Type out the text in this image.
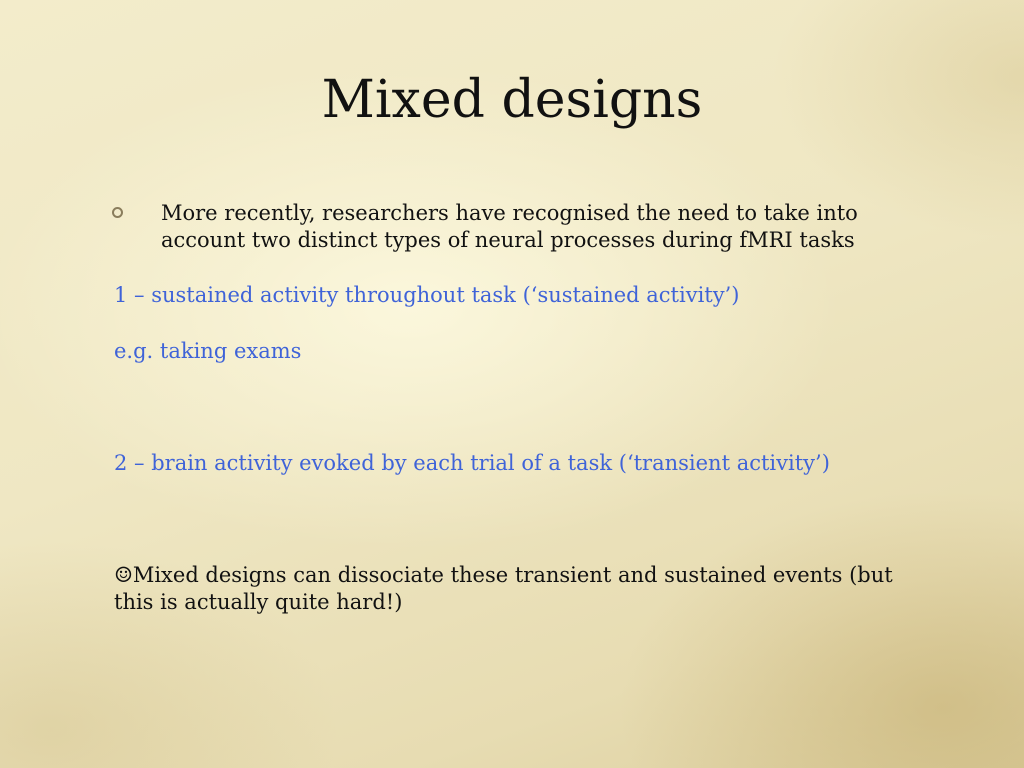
Mixed designs
More recently, researchers have recognised the need to take into account two distinct types of neural processes during fMRI tasks
1 – sustained activity throughout task (‘sustained activity’)
e.g. taking exams
2 – brain activity evoked by each trial of a task (‘transient activity’)
☺Mixed designs can dissociate these transient and sustained events (but this is actually quite hard!)
